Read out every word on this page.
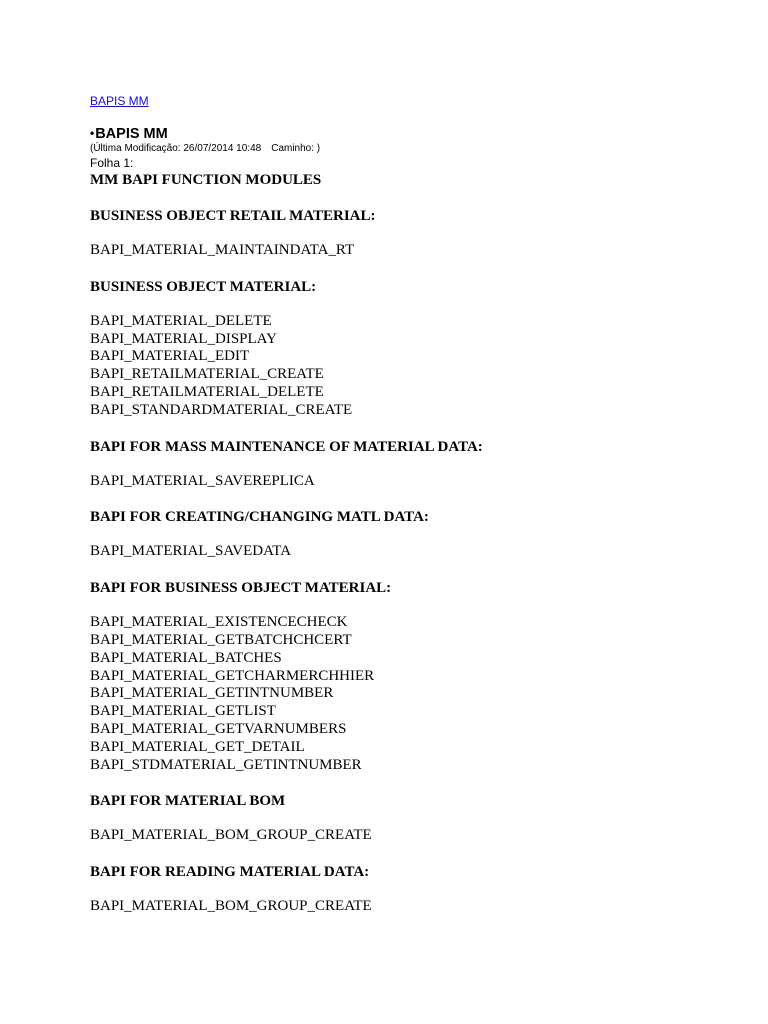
BAPIS MM
•BAPIS MM
(Última Modificação: 26/07/2014 10:48 Caminho: )
Folha 1:
MM BAPI FUNCTION MODULES
BUSINESS OBJECT RETAIL MATERIAL:
BAPI_MATERIAL_MAINTAINDATA_RT
BUSINESS OBJECT MATERIAL:
BAPI_MATERIAL_DELETE
BAPI_MATERIAL_DISPLAY
BAPI_MATERIAL_EDIT
BAPI_RETAILMATERIAL_CREATE
BAPI_RETAILMATERIAL_DELETE
BAPI_STANDARDMATERIAL_CREATE
BAPI FOR MASS MAINTENANCE OF MATERIAL DATA:
BAPI_MATERIAL_SAVEREPLICA
BAPI FOR CREATING/CHANGING MATL DATA:
BAPI_MATERIAL_SAVEDATA
BAPI FOR BUSINESS OBJECT MATERIAL:
BAPI_MATERIAL_EXISTENCECHECK
BAPI_MATERIAL_GETBATCHCHCERT
BAPI_MATERIAL_BATCHES
BAPI_MATERIAL_GETCHARMERCHHIER
BAPI_MATERIAL_GETINTNUMBER
BAPI_MATERIAL_GETLIST
BAPI_MATERIAL_GETVARNUMBERS
BAPI_MATERIAL_GET_DETAIL
BAPI_STDMATERIAL_GETINTNUMBER
BAPI FOR MATERIAL BOM
BAPI_MATERIAL_BOM_GROUP_CREATE
BAPI FOR READING MATERIAL DATA:
BAPI_MATERIAL_BOM_GROUP_CREATE
